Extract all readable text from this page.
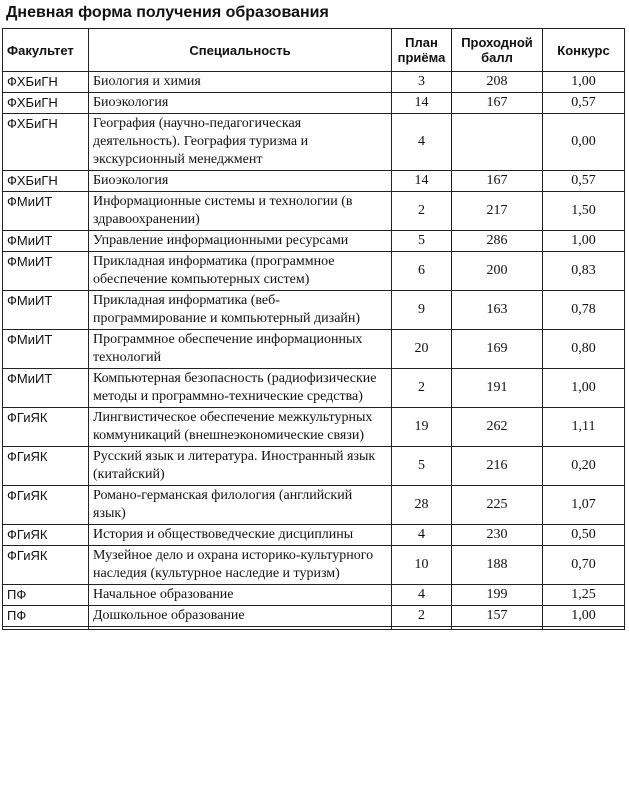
Дневная форма получения образования
Факультет	Специальность	План приёма	Проходной балл	Конкурс
ФХБиГН	Биология и химия	3	208	1,00
ФХБиГН	Биоэкология	14	167	0,57
ФХБиГН	География (научно-педагогическая деятельность). География туризма и экскурсионный менеджмент	4		0,00
ФХБиГН	Биоэкология	14	167	0,57
ФМиИТ	Информационные системы и технологии (в здравоохранении)	2	217	1,50
ФМиИТ	Управление информационными ресурсами	5	286	1,00
ФМиИТ	Прикладная информатика (программное обеспечение компьютерных систем)	6	200	0,83
ФМиИТ	Прикладная информатика (веб-программирование и компьютерный дизайн)	9	163	0,78
ФМиИТ	Программное обеспечение информационных технологий	20	169	0,80
ФМиИТ	Компьютерная безопасность (радиофизические методы и программно-технические средства)	2	191	1,00
ФГиЯК	Лингвистическое обеспечение межкультурных коммуникаций (внешнеэкономические связи)	19	262	1,11
ФГиЯК	Русский язык и литература. Иностранный язык (китайский)	5	216	0,20
ФГиЯК	Романо-германская филология (английский язык)	28	225	1,07
ФГиЯК	История и обществоведческие дисциплины	4	230	0,50
ФГиЯК	Музейное дело и охрана историко-культурного наследия (культурное наследие и туризм)	10	188	0,70
ПФ	Начальное образование	4	199	1,25
ПФ	Дошкольное образование	2	157	1,00
